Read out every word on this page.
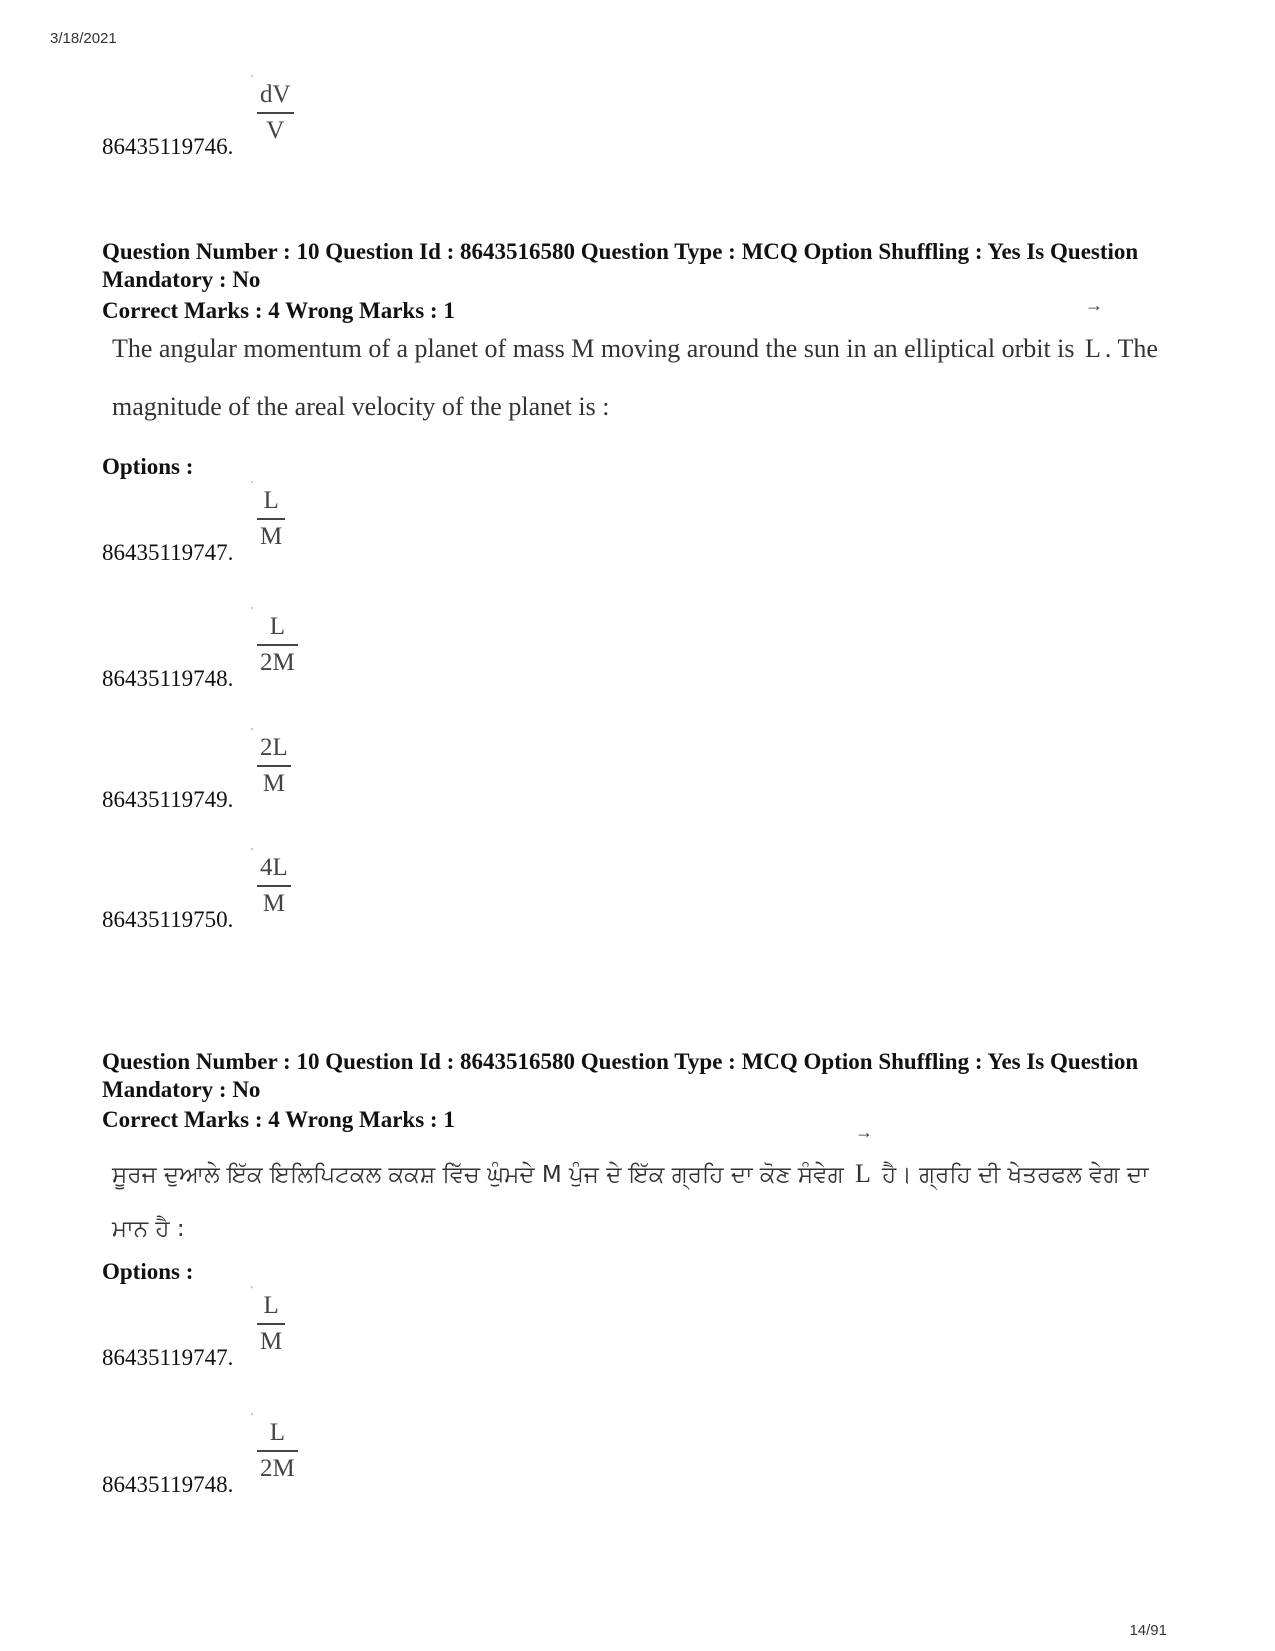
3/18/2021
86435119746.
'
dV
V
Question Number : 10 Question Id : 8643516580 Question Type : MCQ Option Shuffling : Yes Is Question Mandatory : No
Correct Marks : 4 Wrong Marks : 1
The angular momentum of a planet of mass M moving around the sun in an elliptical orbit is
→
L . The magnitude of the areal velocity of the planet is :
Options :
86435119747.
'
L
M
86435119748.
'
L
2M
86435119749.
'
2L
M
86435119750.
'
4L
M
Question Number : 10 Question Id : 8643516580 Question Type : MCQ Option Shuffling : Yes Is Question Mandatory : No
Correct Marks : 4 Wrong Marks : 1
ਸੂਰਜ ਦੁਆਲੇ ਇੱਕ ਇਲਿਪਿਟਕਲ ਕਕਸ਼ ਵਿੱਚ ਘੁੰਮਦੇ M ਪੁੰਜ ਦੇ ਇੱਕ ਗ੍ਰਹਿ ਦਾ ਕੋਣ ਸੰਵੇਗ
→
L ਹੈ। ਗ੍ਰਹਿ ਦੀ ਖੇਤਰਫਲ ਵੇਗ ਦਾ ਮਾਨ ਹੈ :
Options :
86435119747.
'
L
M
86435119748.
'
L
2M
14/91
